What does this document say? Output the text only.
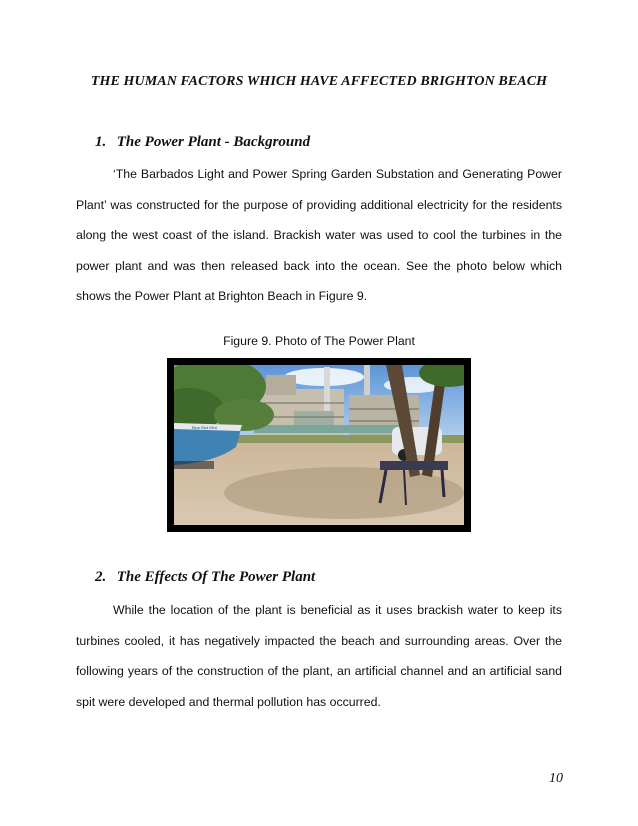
THE HUMAN FACTORS WHICH HAVE AFFECTED BRIGHTON BEACH
1. The Power Plant - Background

‘The Barbados Light and Power Spring Garden Substation and Generating Power Plant’ was constructed for the purpose of providing additional electricity for the residents along the west coast of the island. Brackish water was used to cool the turbines in the power plant and was then released back into the ocean. See the photo below which shows the Power Plant at Brighton Beach in Figure 9.

Figure 9. Photo of The Power Plant

Blue Bird Mini
2. The Effects Of The Power Plant

While the location of the plant is beneficial as it uses brackish water to keep its turbines cooled, it has negatively impacted the beach and surrounding areas. Over the following years of the construction of the plant, an artificial channel and an artificial sand spit were developed and thermal pollution has occurred.

10
